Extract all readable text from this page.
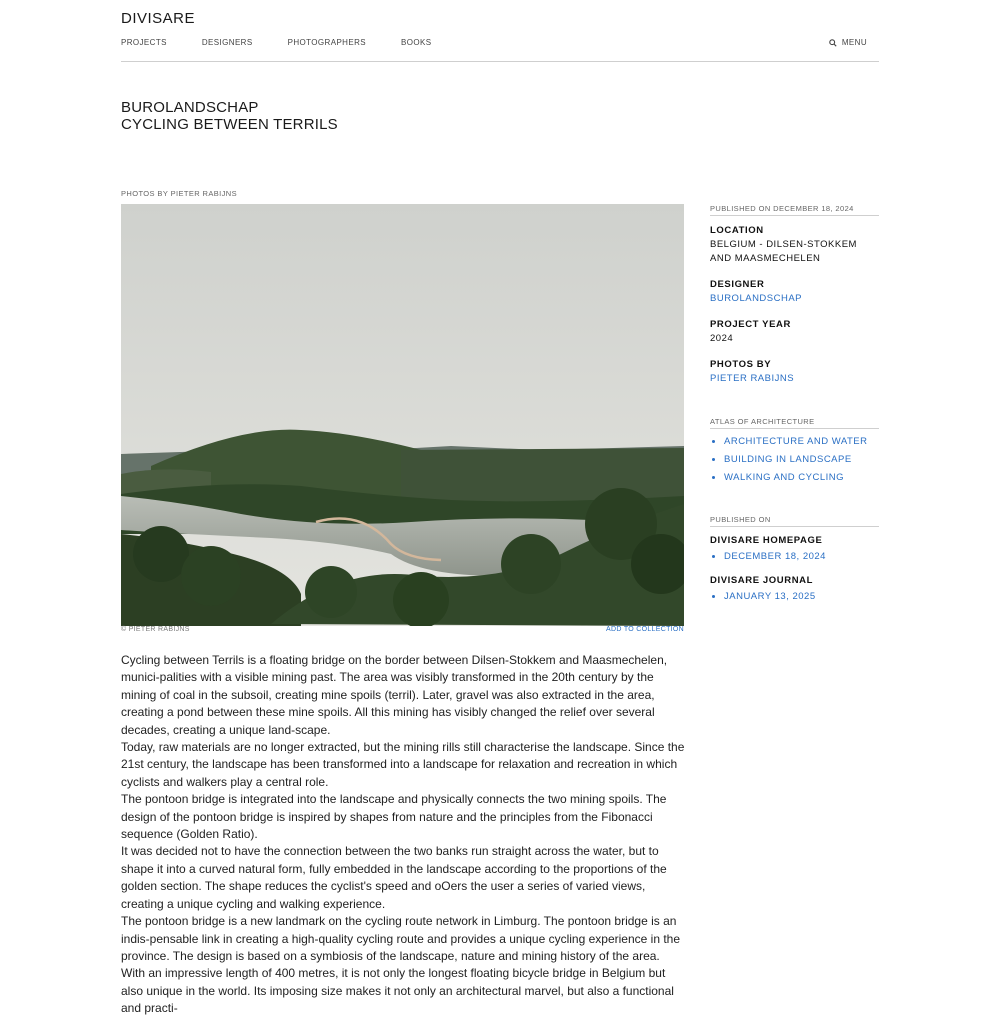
DIVISARE
PROJECTS	DESIGNERS	PHOTOGRAPHERS	BOOKS	MENU
BUROLANDSCHAP
CYCLING BETWEEN TERRILS
PHOTOS BY PIETER RABIJNS
© PIETER RABIJNS	ADD TO COLLECTION

Cycling between Terrils is a floating bridge on the border between Dilsen-Stokkem and Maasmechelen, munici-palities with a visible mining past. The area was visibly transformed in the 20th century by the mining of coal in the subsoil, creating mine spoils (terril). Later, gravel was also extracted in the area, creating a pond between these mine spoils. All this mining has visibly changed the relief over several decades, creating a unique land-scape.

Today, raw materials are no longer extracted, but the mining rills still characterise the landscape. Since the 21st century, the landscape has been transformed into a landscape for relaxation and recreation in which cyclists and walkers play a central role.

The pontoon bridge is integrated into the landscape and physically connects the two mining spoils. The design of the pontoon bridge is inspired by shapes from nature and the principles from the Fibonacci sequence (Golden Ratio).

It was decided not to have the connection between the two banks run straight across the water, but to shape it into a curved natural form, fully embedded in the landscape according to the proportions of the golden section. The shape reduces the cyclist's speed and oOers the user a series of varied views, creating a unique cycling and walking experience.

The pontoon bridge is a new landmark on the cycling route network in Limburg. The pontoon bridge is an indis-pensable link in creating a high-quality cycling route and provides a unique cycling experience in the province. The design is based on a symbiosis of the landscape, nature and mining history of the area.

With an impressive length of 400 metres, it is not only the longest floating bicycle bridge in Belgium but also unique in the world. Its imposing size makes it not only an architectural marvel, but also a functional and practi-

PUBLISHED ON DECEMBER 18, 2024
LOCATION
BELGIUM - DILSEN-STOKKEM AND MAASMECHELEN
DESIGNER
BUROLANDSCHAP
PROJECT YEAR
2024
PHOTOS BY
PIETER RABIJNS
ATLAS OF ARCHITECTURE
• ARCHITECTURE AND WATER
• BUILDING IN LANDSCAPE
• WALKING AND CYCLING
PUBLISHED ON
DIVISARE HOMEPAGE
• DECEMBER 18, 2024
DIVISARE JOURNAL
• JANUARY 13, 2025
